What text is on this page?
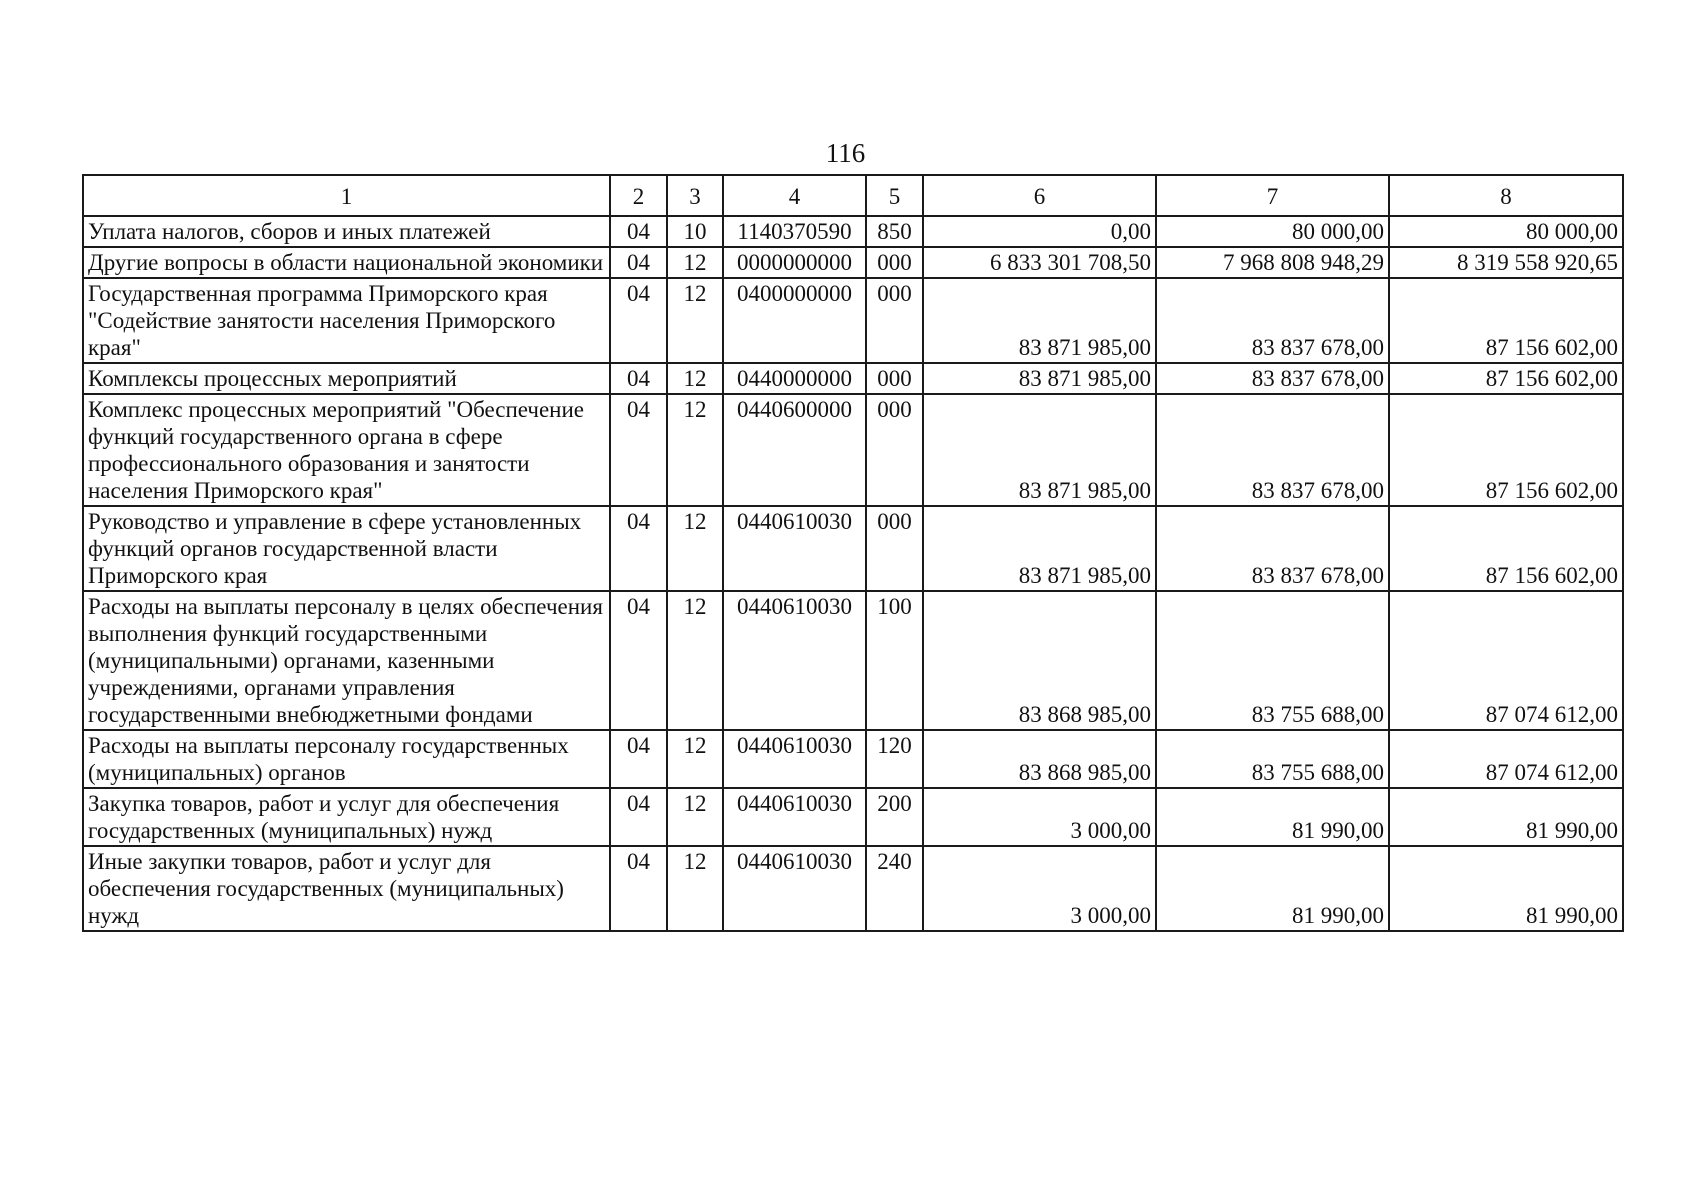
116
1	2	3	4	5	6	7	8
Уплата налогов, сборов и иных платежей	04	10	1140370590	850	0,00	80 000,00	80 000,00
Другие вопросы в области национальной экономики	04	12	0000000000	000	6 833 301 708,50	7 968 808 948,29	8 319 558 920,65
Государственная программа Приморского края "Содействие занятости населения Приморского края"	04	12	0400000000	000	83 871 985,00	83 837 678,00	87 156 602,00
Комплексы процессных мероприятий	04	12	0440000000	000	83 871 985,00	83 837 678,00	87 156 602,00
Комплекс процессных мероприятий "Обеспечение функций государственного органа в сфере профессионального образования и занятости населения Приморского края"	04	12	0440600000	000	83 871 985,00	83 837 678,00	87 156 602,00
Руководство и управление в сфере установленных функций органов государственной власти Приморского края	04	12	0440610030	000	83 871 985,00	83 837 678,00	87 156 602,00
Расходы на выплаты персоналу в целях обеспечения выполнения функций государственными (муниципальными) органами, казенными учреждениями, органами управления государственными внебюджетными фондами	04	12	0440610030	100	83 868 985,00	83 755 688,00	87 074 612,00
Расходы на выплаты персоналу государственных (муниципальных) органов	04	12	0440610030	120	83 868 985,00	83 755 688,00	87 074 612,00
Закупка товаров, работ и услуг для обеспечения государственных (муниципальных) нужд	04	12	0440610030	200	3 000,00	81 990,00	81 990,00
Иные закупки товаров, работ и услуг для обеспечения государственных (муниципальных) нужд	04	12	0440610030	240	3 000,00	81 990,00	81 990,00
